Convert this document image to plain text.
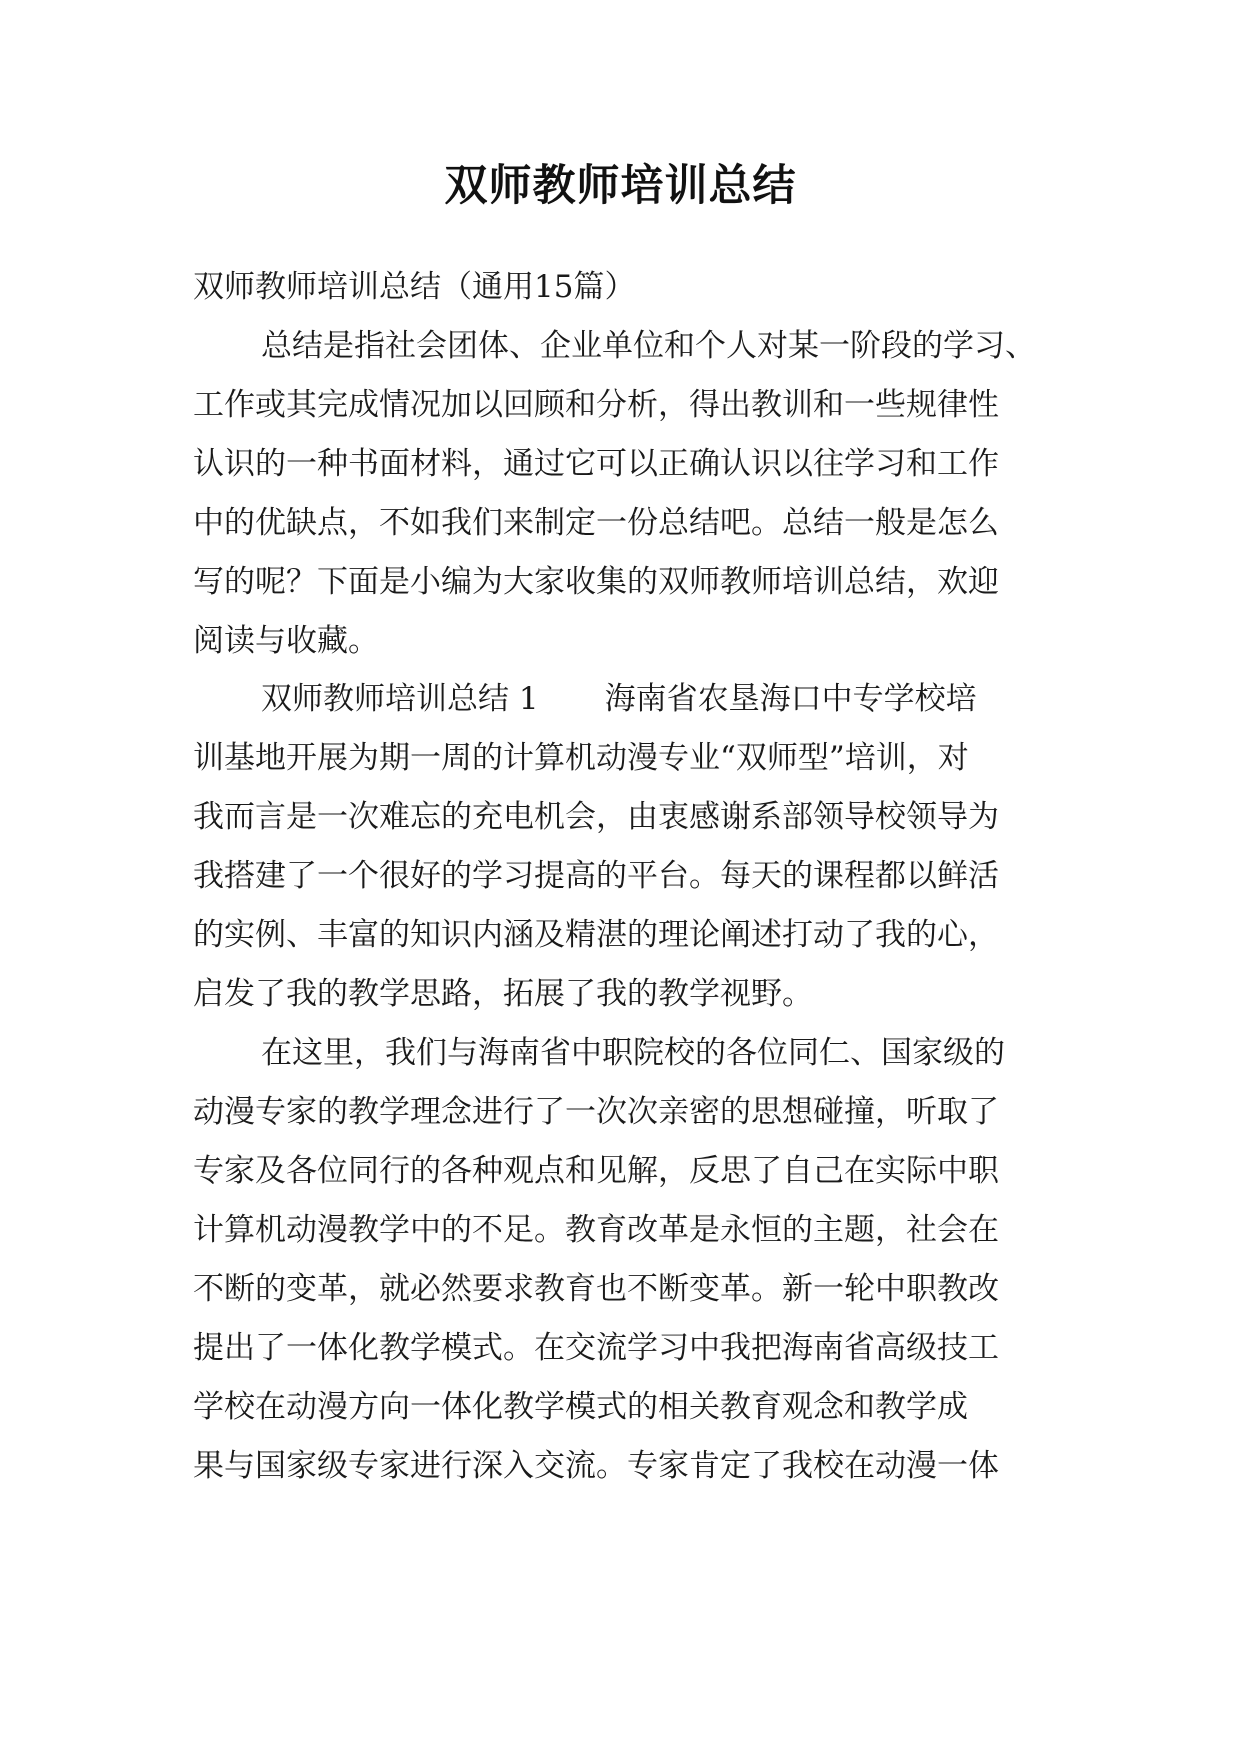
双师教师培训总结
双师教师培训总结（通用15篇）
总结是指社会团体、企业单位和个人对某一阶段的学习、
工作或其完成情况加以回顾和分析，得出教训和一些规律性
认识的一种书面材料，通过它可以正确认识以往学习和工作
中的优缺点，不如我们来制定一份总结吧。总结一般是怎么
写的呢？下面是小编为大家收集的双师教师培训总结，欢迎
阅读与收藏。
双师教师培训总结 1 海南省农垦海口中专学校培
训基地开展为期一周的计算机动漫专业“双师型”培训，对
我而言是一次难忘的充电机会，由衷感谢系部领导校领导为
我搭建了一个很好的学习提高的平台。每天的课程都以鲜活
的实例、丰富的知识内涵及精湛的理论阐述打动了我的心，
启发了我的教学思路，拓展了我的教学视野。
在这里，我们与海南省中职院校的各位同仁、国家级的
动漫专家的教学理念进行了一次次亲密的思想碰撞，听取了
专家及各位同行的各种观点和见解，反思了自己在实际中职
计算机动漫教学中的不足。教育改革是永恒的主题，社会在
不断的变革，就必然要求教育也不断变革。新一轮中职教改
提出了一体化教学模式。在交流学习中我把海南省高级技工
学校在动漫方向一体化教学模式的相关教育观念和教学成
果与国家级专家进行深入交流。专家肯定了我校在动漫一体
